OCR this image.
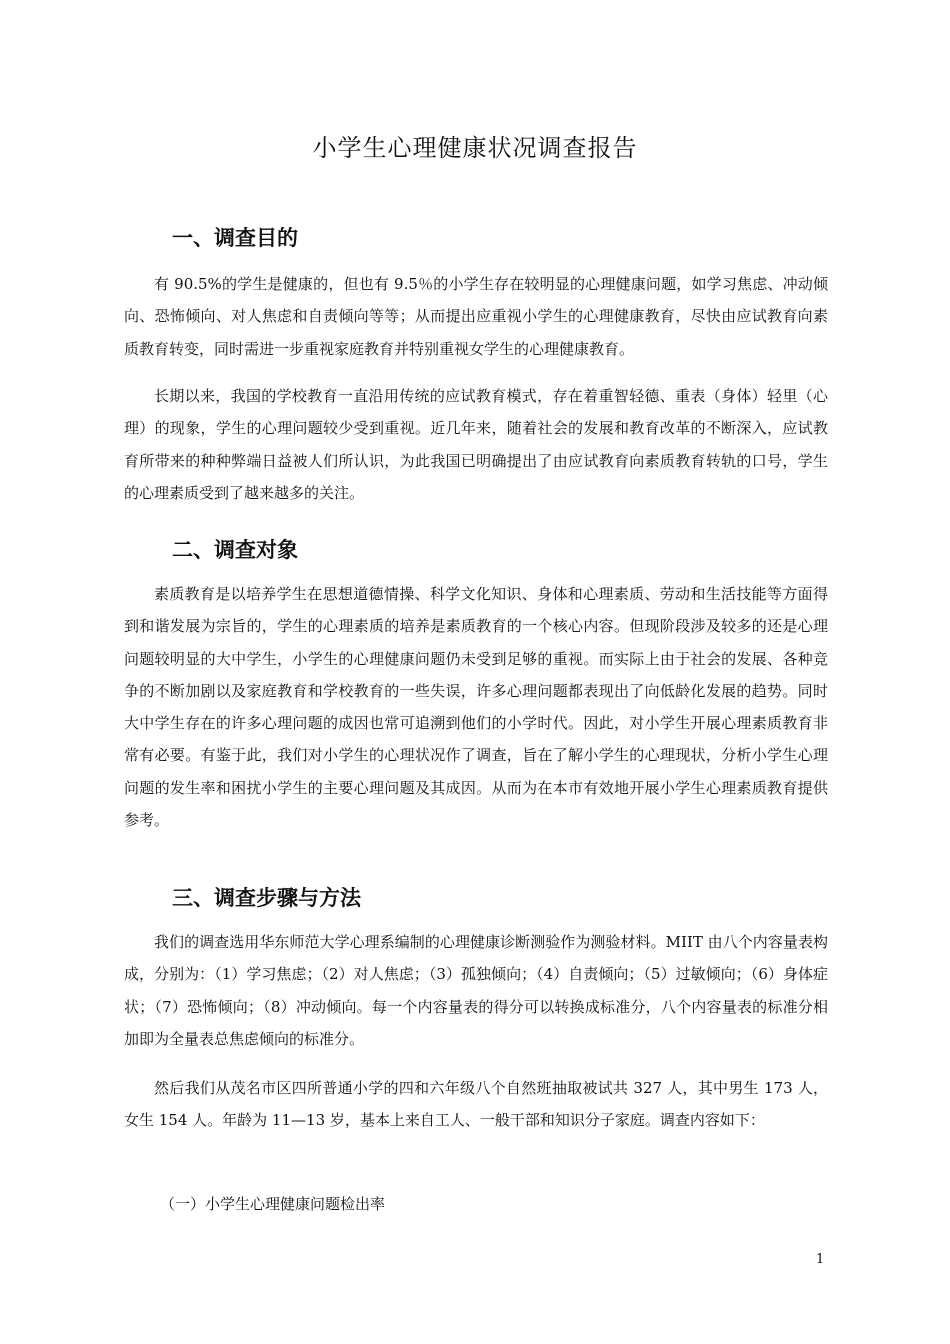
小学生心理健康状况调查报告
一、调查目的

有 90.5%的学生是健康的，但也有 9.5％的小学生存在较明显的心理健康问题，如学习焦虑、冲动倾向、恐怖倾向、对人焦虑和自责倾向等等；从而提出应重视小学生的心理健康教育，尽快由应试教育向素质教育转变，同时需进一步重视家庭教育并特别重视女学生的心理健康教育。

长期以来，我国的学校教育一直沿用传统的应试教育模式，存在着重智轻德、重表（身体）轻里（心理）的现象，学生的心理问题较少受到重视。近几年来，随着社会的发展和教育改革的不断深入，应试教育所带来的种种弊端日益被人们所认识，为此我国已明确提出了由应试教育向素质教育转轨的口号，学生的心理素质受到了越来越多的关注。

二、调查对象

素质教育是以培养学生在思想道德情操、科学文化知识、身体和心理素质、劳动和生活技能等方面得到和谐发展为宗旨的，学生的心理素质的培养是素质教育的一个核心内容。但现阶段涉及较多的还是心理问题较明显的大中学生，小学生的心理健康问题仍未受到足够的重视。而实际上由于社会的发展、各种竞争的不断加剧以及家庭教育和学校教育的一些失误，许多心理问题都表现出了向低龄化发展的趋势。同时大中学生存在的许多心理问题的成因也常可追溯到他们的小学时代。因此，对小学生开展心理素质教育非常有必要。有鉴于此，我们对小学生的心理状况作了调查，旨在了解小学生的心理现状，分析小学生心理问题的发生率和困扰小学生的主要心理问题及其成因。从而为在本市有效地开展小学生心理素质教育提供参考。

三、调查步骤与方法

我们的调查选用华东师范大学心理系编制的心理健康诊断测验作为测验材料。MIIT 由八个内容量表构成，分别为：（1）学习焦虑；（2）对人焦虑；（3）孤独倾向；（4）自责倾向；（5）过敏倾向；（6）身体症状；（7）恐怖倾向；（8）冲动倾向。每一个内容量表的得分可以转换成标准分，八个内容量表的标准分相加即为全量表总焦虑倾向的标准分。

然后我们从茂名市区四所普通小学的四和六年级八个自然班抽取被试共 327 人，其中男生 173 人，女生 154 人。年龄为 11—13 岁，基本上来自工人、一般干部和知识分子家庭。调查内容如下：

（一）小学生心理健康问题检出率
1
